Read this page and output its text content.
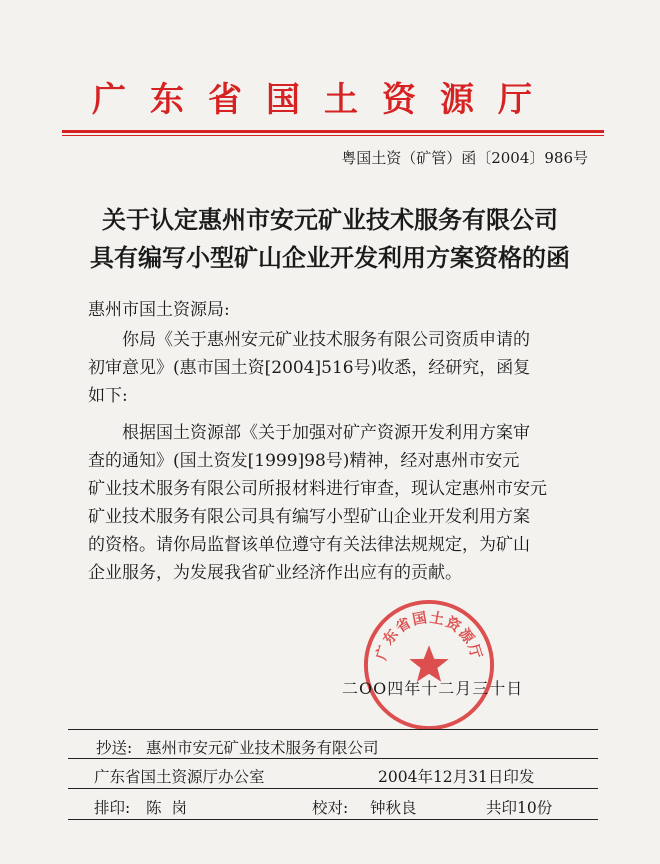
广东省国土资源厅
粤国土资（矿管）函〔2004〕986号
关于认定惠州市安元矿业技术服务有限公司
具有编写小型矿山企业开发利用方案资格的函
惠州市国土资源局:
你局《关于惠州安元矿业技术服务有限公司资质申请的
初审意见》(惠市国土资[2004]516号)收悉，经研究，函复
如下:
根据国土资源部《关于加强对矿产资源开发利用方案审
查的通知》(国土资发[1999]98号)精神，经对惠州市安元
矿业技术服务有限公司所报材料进行审查，现认定惠州市安元
矿业技术服务有限公司具有编写小型矿山企业开发利用方案
的资格。请你局监督该单位遵守有关法律法规规定，为矿山
企业服务，为发展我省矿业经济作出应有的贡献。
广东省国土资源厅
二OO四年十二月三十日
抄送: 惠州市安元矿业技术服务有限公司
广东省国土资源厅办公室	2004年12月31日印发
排印: 陈岗	校对: 钟秋良	共印10份
